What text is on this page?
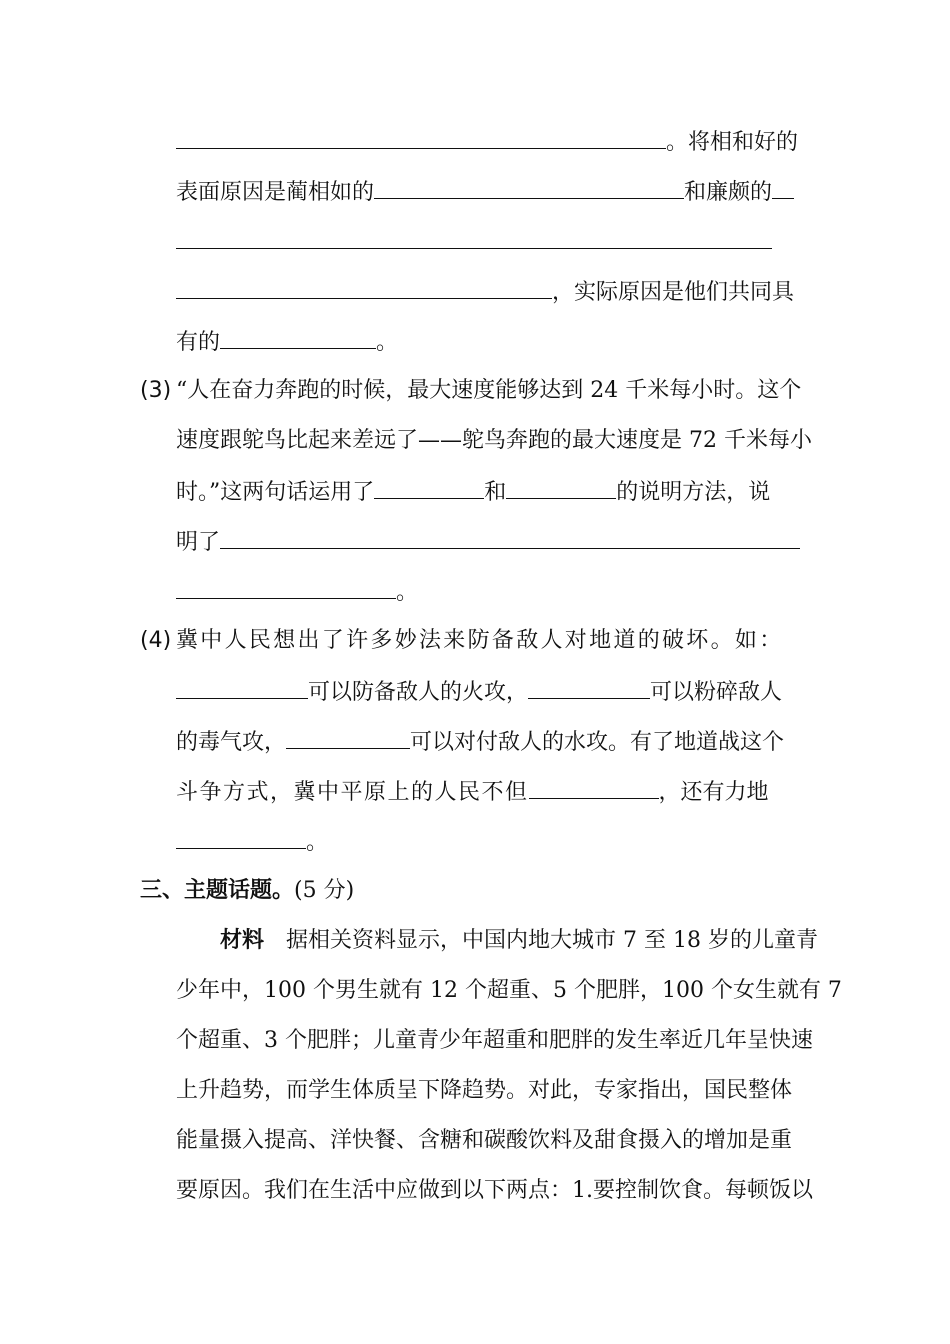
。将相和好的
表面原因是蔺相如的	和廉颇的
，实际原因是他们共同具
有的	。
(3) “人在奋力奔跑的时候，最大速度能够达到 24 千米每小时。这个
速度跟鸵鸟比起来差远了——鸵鸟奔跑的最大速度是 72 千米每小
时。”这两句话运用了	和	的说明方法，说
明了
。
(4) 冀中人民想出了许多妙法来防备敌人对地道的破坏。如：
可以防备敌人的火攻，	可以粉碎敌人
的毒气攻，	可以对付敌人的水攻。有了地道战这个
斗争方式，冀中平原上的人民不但	，还有力地
。
三、主题话题。(5 分)
材料 据相关资料显示，中国内地大城市 7 至 18 岁的儿童青
少年中，100 个男生就有 12 个超重、5 个肥胖，100 个女生就有 7
个超重、3 个肥胖；儿童青少年超重和肥胖的发生率近几年呈快速
上升趋势，而学生体质呈下降趋势。对此，专家指出，国民整体
能量摄入提高、洋快餐、含糖和碳酸饮料及甜食摄入的增加是重
要原因。我们在生活中应做到以下两点：1.要控制饮食。每顿饭以
